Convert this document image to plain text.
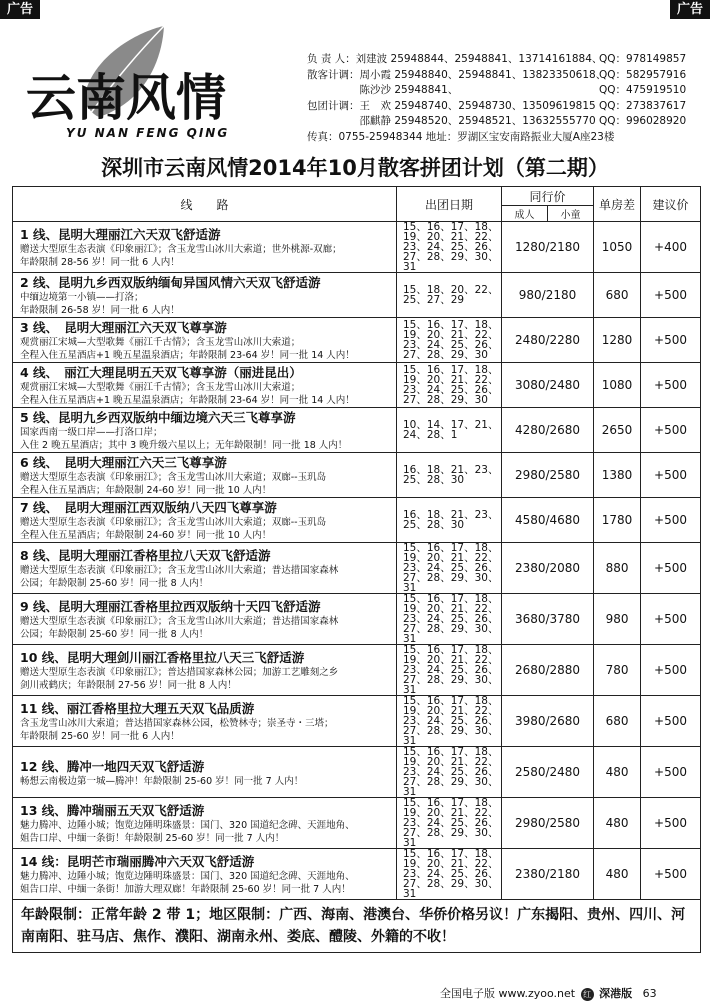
广告	广告
云南风情
YU NAN FENG QING
负 责 人：刘建波 25948844、25948841、13714161884、
QQ：978149857
散客计调：周小霞 25948840、25948841、13823350618、
QQ：582957916
　　　　　陈沙沙 25948841、	QQ：475919510
包团计调：王　欢 25948740、25948730、13509619815 QQ：273837617
　　　　　邵麒静 25948520、25948521、13632555770 QQ：996028920
传真：0755-25948344 地址：罗湖区宝安南路振业大厦A座23楼
深圳市云南风情2014年10月散客拼团计划（第二期）
线　　路	出团日期	同行价		单房差	建议价
		成人	小童		

1 线、昆明大理丽江六天双飞舒适游
赠送大型原生态表演《印象丽江》；含玉龙雪山冰川大索道；世外桃源-双廊；
年龄限制 28-56 岁！同一批 6 人内！	15、16、17、18、19、20、21、22、23、24、25、26、27、28、29、30、31	1280/2180		1050	+400

2 线、昆明九乡西双版纳缅甸异国风情六天双飞舒适游
中缅边境第一小镇——打洛；
年龄限制 26-58 岁！同一批 6 人内！	15、18、20、22、25、27、29	980/2180		680	+500

3 线、　昆明大理丽江六天双飞尊享游
观赏丽江宋城—大型歌舞《丽江千古情》；含玉龙雪山冰川大索道；
全程入住五星酒店+1 晚五星温泉酒店；年龄限制 23-64 岁！同一批 14 人内！	15、16、17、18、19、20、21、22、23、24、25、26、27、28、29、30	2480/2280		1280	+500

4 线、　丽江大理昆明五天双飞尊享游（丽进昆出）
观赏丽江宋城—大型歌舞《丽江千古情》；含玉龙雪山冰川大索道；
全程入住五星酒店+1 晚五星温泉酒店；年龄限制 23-64 岁！同一批 14 人内！	15、16、17、18、19、20、21、22、23、24、25、26、27、28、29、30	3080/2480		1080	+500

5 线、昆明九乡西双版纳中缅边境六天三飞尊享游
国家西南一级口岸——打洛口岸；
入住 2 晚五星酒店；其中 3 晚升级六星以上；无年龄限制！同一批 18 人内！	10、14、17、21、24、28、1	4280/2680		2650	+500

6 线、　昆明大理丽江六天三飞尊享游
赠送大型原生态表演《印象丽江》；含玉龙雪山冰川大索道；双廊--玉玑岛
全程入住五星酒店；年龄限制 24-60 岁！同一批 10 人内！	16、18、21、23、25、28、30	2980/2580		1380	+500

7 线、　昆明大理丽江西双版纳八天四飞尊享游
赠送大型原生态表演《印象丽江》；含玉龙雪山冰川大索道；双廊--玉玑岛
全程入住五星酒店；年龄限制 24-60 岁！同一批 10 人内！	16、18、21、23、25、28、30	4580/4680		1780	+500

8 线、昆明大理丽江香格里拉八天双飞舒适游
赠送大型原生态表演《印象丽江》；含玉龙雪山冰川大索道；普达措国家森林
公园；年龄限制 25-60 岁！同一批 8 人内！	15、16、17、18、19、20、21、22、23、24、25、26、27、28、29、30、31	2380/2080		880	+500

9 线、昆明大理丽江香格里拉西双版纳十天四飞舒适游
赠送大型原生态表演《印象丽江》；含玉龙雪山冰川大索道；普达措国家森林
公园；年龄限制 25-60 岁！同一批 8 人内！	15、16、17、18、19、20、21、22、23、24、25、26、27、28、29、30、31	3680/3780		980	+500

10 线、昆明大理剑川丽江香格里拉八天三飞舒适游
赠送大型原生态表演《印象丽江》；普达措国家森林公园；加游工艺雕刻之乡
剑川戒鹤庆；年龄限制 27-56 岁！同一批 8 人内！	15、16、17、18、19、20、21、22、23、24、25、26、27、28、29、30、31	2680/2880		780	+500

11 线、丽江香格里拉大理五天双飞品质游
含玉龙雪山冰川大索道；普达措国家森林公园，松赞林寺；崇圣寺・三塔；
年龄限制 25-60 岁！同一批 6 人内！	15、16、17、18、19、20、21、22、23、24、25、26、27、28、29、30、31	3980/2680		680	+500

12 线、腾冲一地四天双飞舒适游
畅想云南极边第一城—腾冲！年龄限制 25-60 岁！同一批 7 人内！	15、16、17、18、19、20、21、22、23、24、25、26、27、28、29、30、31	2580/2480		480	+500

13 线、腾冲瑞丽五天双飞舒适游
魅力腾冲、边陲小城；饱览边陲明珠盛景：国门、320 国道纪念碑、天涯地角、
姐告口岸、中缅一条街！年龄限制 25-60 岁！同一批 7 人内！	15、16、17、18、19、20、21、22、23、24、25、26、27、28、29、30、31	2980/2580		480	+500

14 线：昆明芒市瑞丽腾冲六天双飞舒适游
魅力腾冲、边陲小城；饱览边陲明珠盛景：国门、320 国道纪念碑、天涯地角、
姐告口岸、中缅一条街！加游大理双廊！年龄限制 25-60 岁！同一批 7 人内！	15、16、17、18、19、20、21、22、23、24、25、26、27、28、29、30、31	2380/2180		480	+500
年龄限制：正常年龄 2 带 1；地区限制：广西、海南、港澳台、华侨价格另议！广东揭阳、贵州、四川、河南南阳、驻马店、焦作、濮阳、湖南永州、娄底、醴陵、外籍的不收！					
全国电子版 www.zyoo.net 红 深港版 63
